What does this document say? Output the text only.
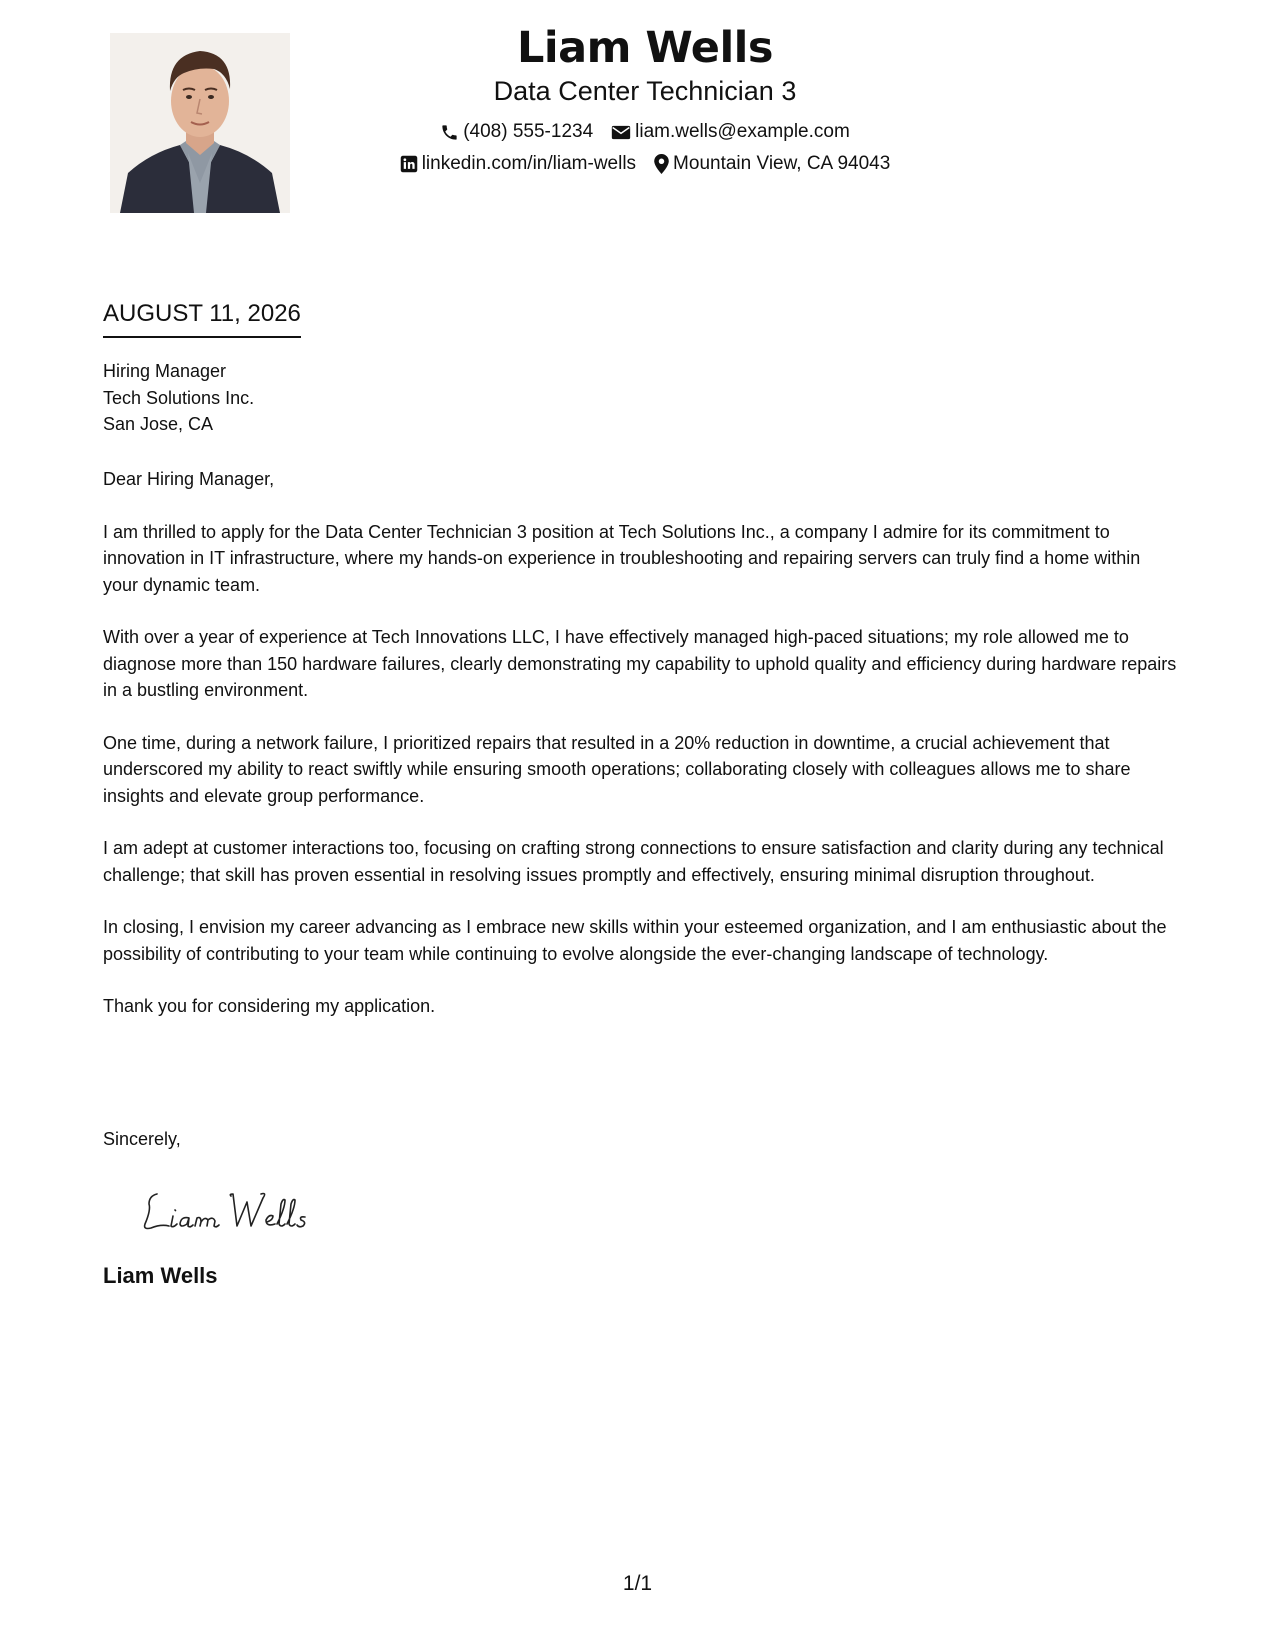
Liam Wells
Data Center Technician 3
(408) 555-1234 liam.wells@example.com
linkedin.com/in/liam-wells Mountain View, CA 94043
AUGUST 11, 2026
Hiring Manager
Tech Solutions Inc.
San Jose, CA

Dear Hiring Manager,

I am thrilled to apply for the Data Center Technician 3 position at Tech Solutions Inc., a company I admire for its commitment to innovation in IT infrastructure, where my hands-on experience in troubleshooting and repairing servers can truly find a home within your dynamic team.

With over a year of experience at Tech Innovations LLC, I have effectively managed high-paced situations; my role allowed me to diagnose more than 150 hardware failures, clearly demonstrating my capability to uphold quality and efficiency during hardware repairs in a bustling environment.

One time, during a network failure, I prioritized repairs that resulted in a 20% reduction in downtime, a crucial achievement that underscored my ability to react swiftly while ensuring smooth operations; collaborating closely with colleagues allows me to share insights and elevate group performance.

I am adept at customer interactions too, focusing on crafting strong connections to ensure satisfaction and clarity during any technical challenge; that skill has proven essential in resolving issues promptly and effectively, ensuring minimal disruption throughout.

In closing, I envision my career advancing as I embrace new skills within your esteemed organization, and I am enthusiastic about the possibility of contributing to your team while continuing to evolve alongside the ever-changing landscape of technology.

Thank you for considering my application.

Sincerely,
Liam Wells
1/1
